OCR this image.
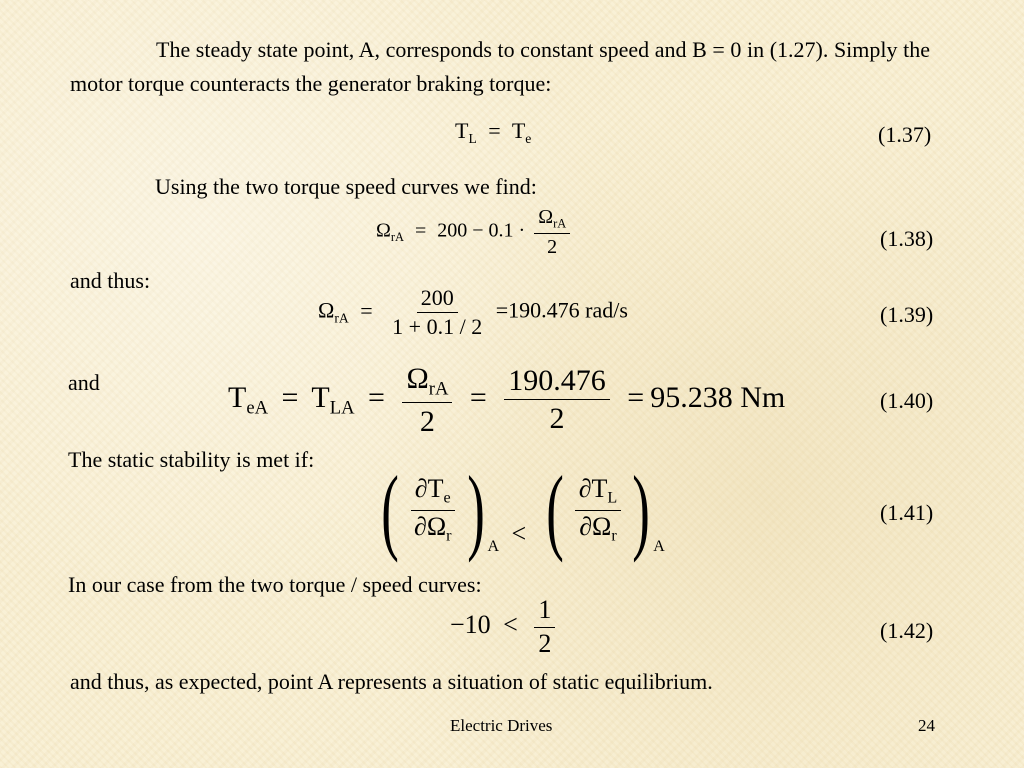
The steady state point, A, corresponds to constant speed and B = 0 in (1.27). Simply the motor torque counteracts the generator braking torque:
$T_L = T_e$	(1.37)
Using the two torque speed curves we find:
$\Omega_{rA} = 200 - 0.1 \cdot \frac{\Omega_{rA}}{2}$	(1.38)
and thus:
$\Omega_{rA} = \frac{200}{1 + 0.1 / 2} =190.476$ rad/s	(1.39)
and	$T_{eA} = T_{LA} = \frac{\Omega_{rA}}{2} = \frac{190.476}{2} = 95.238$ Nm	(1.40)
The static stability is met if: ( $\frac{\partial T_e}{\partial\Omega_r}$ ) A < ( $\frac{\partial T_L}{\partial\Omega_r}$ ) A
(1.41)
In our case from the two torque / speed curves:
$-10 < \frac{1}{2}$	(1.42)
and thus, as expected, point A represents a situation of static equilibrium.
Electric Drives	24
